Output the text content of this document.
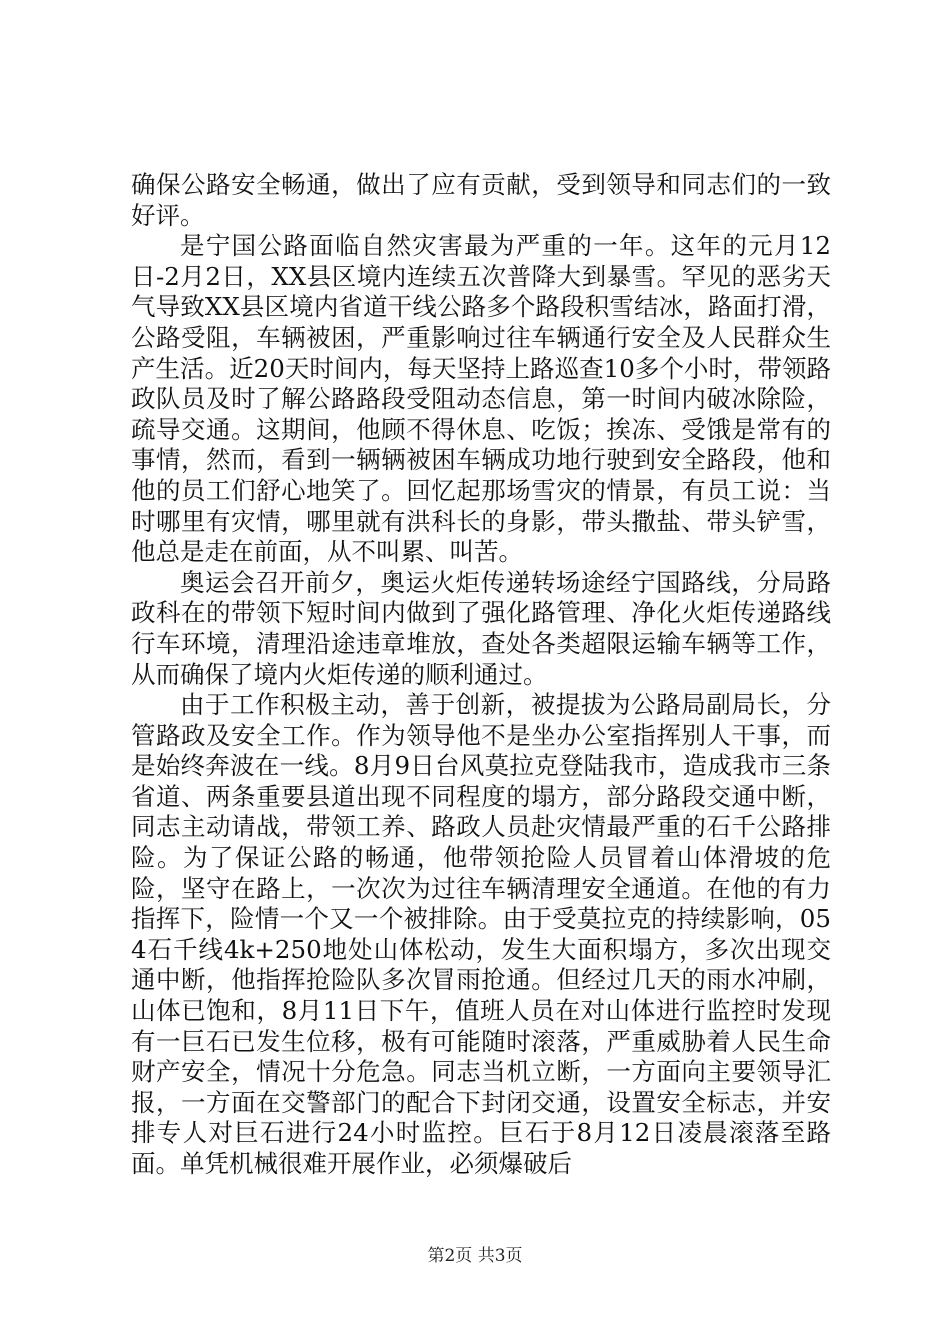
确保公路安全畅通，做出了应有贡献，受到领导和同志们的一致好评。

是宁国公路面临自然灾害最为严重的一年。这年的元月12日-2月2日，XX县区境内连续五次普降大到暴雪。罕见的恶劣天气导致XX县区境内省道干线公路多个路段积雪结冰，路面打滑，公路受阻，车辆被困，严重影响过往车辆通行安全及人民群众生产生活。近20天时间内，每天坚持上路巡查10多个小时，带领路政队员及时了解公路路段受阻动态信息，第一时间内破冰除险，疏导交通。这期间，他顾不得休息、吃饭；挨冻、受饿是常有的事情，然而，看到一辆辆被困车辆成功地行驶到安全路段，他和他的员工们舒心地笑了。回忆起那场雪灾的情景，有员工说：当时哪里有灾情，哪里就有洪科长的身影，带头撒盐、带头铲雪，他总是走在前面，从不叫累、叫苦。

奥运会召开前夕，奥运火炬传递转场途经宁国路线，分局路政科在的带领下短时间内做到了强化路管理、净化火炬传递路线行车环境，清理沿途违章堆放，查处各类超限运输车辆等工作，从而确保了境内火炬传递的顺利通过。

由于工作积极主动，善于创新，被提拔为公路局副局长，分管路政及安全工作。作为领导他不是坐办公室指挥别人干事，而是始终奔波在一线。8月9日台风莫拉克登陆我市，造成我市三条省道、两条重要县道出现不同程度的塌方，部分路段交通中断，同志主动请战，带领工养、路政人员赴灾情最严重的石千公路排险。为了保证公路的畅通，他带领抢险人员冒着山体滑坡的危险，坚守在路上，一次次为过往车辆清理安全通道。在他的有力指挥下，险情一个又一个被排除。由于受莫拉克的持续影响，054石千线4k+250地处山体松动，发生大面积塌方，多次出现交通中断，他指挥抢险队多次冒雨抢通。但经过几天的雨水冲刷，山体已饱和，8月11日下午，值班人员在对山体进行监控时发现有一巨石已发生位移，极有可能随时滚落，严重威胁着人民生命财产安全，情况十分危急。同志当机立断，一方面向主要领导汇报，一方面在交警部门的配合下封闭交通，设置安全标志，并安排专人对巨石进行24小时监控。巨石于8月12日凌晨滚落至路面。单凭机械很难开展作业，必须爆破后

第2页 共3页
